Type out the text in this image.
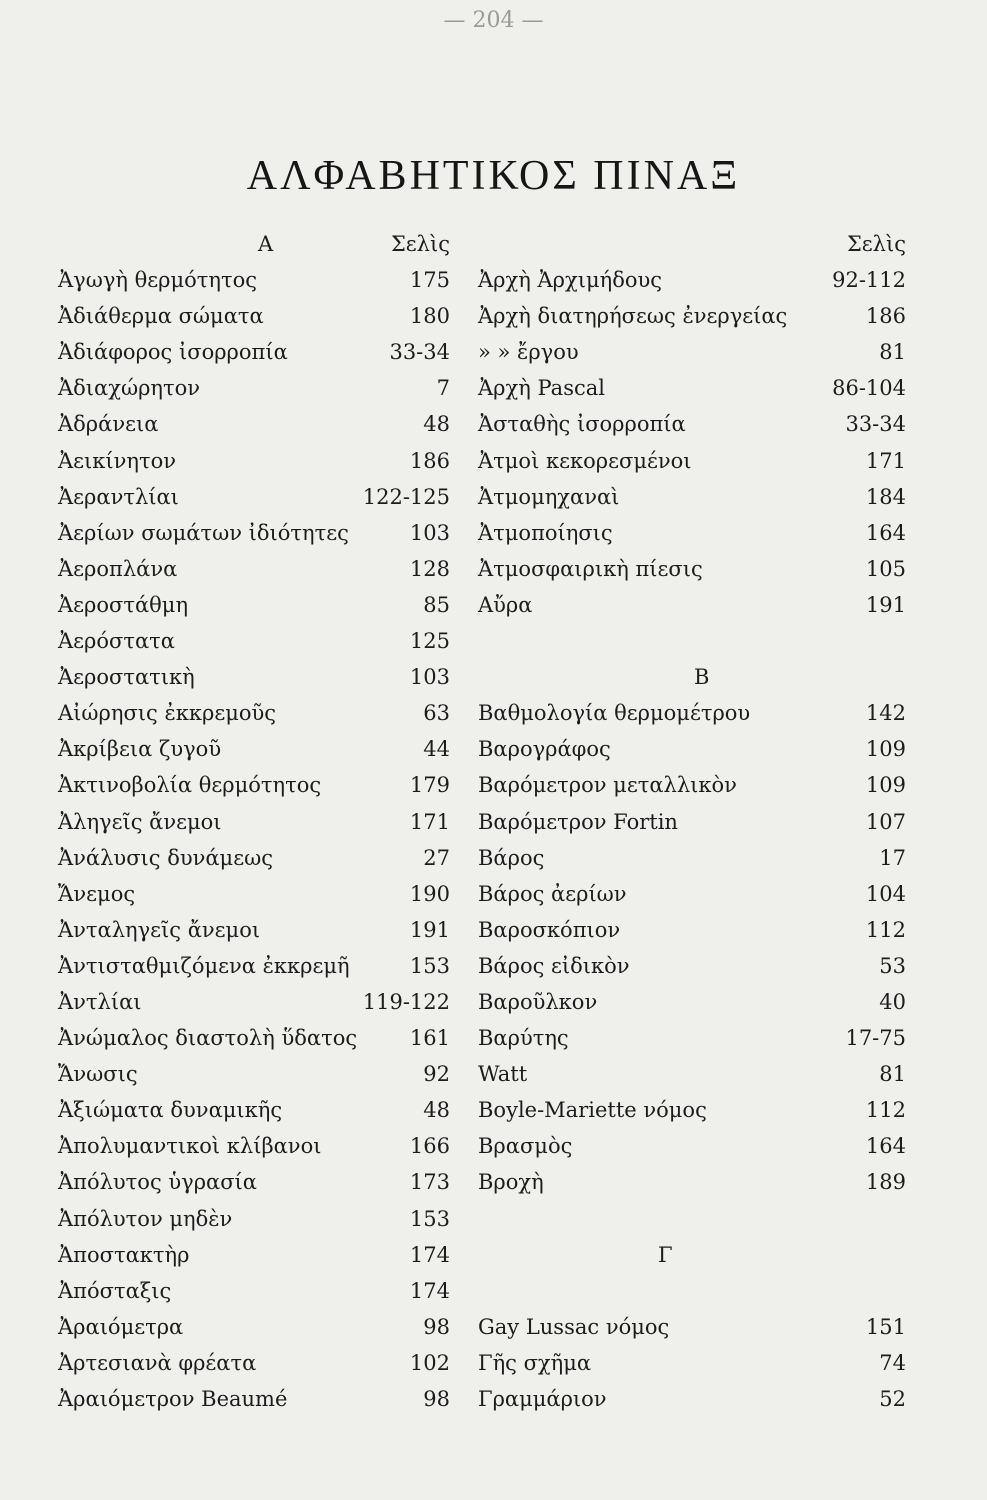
— 204 —
ΑΛΦΑΒΗΤΙΚΟΣ ΠΙΝΑΞ
Α	Σελὶς
Ἀγωγὴ θερμότητος	175
Ἀδιάθερμα σώματα	180
Ἀδιάφορος ἰσορροπία	33-34
Ἀδιαχώρητον	7
Ἀδράνεια	48
Ἀεικίνητον	186
Ἀεραντλίαι	122-125
Ἀερίων σωμάτων ἰδιότητες	103
Ἀεροπλάνα	128
Ἀεροστάθμη	85
Ἀερόστατα	125
Ἀεροστατικὴ	103
Αἰώρησις ἐκκρεμοῦς	63
Ἀκρίβεια ζυγοῦ	44
Ἀκτινοβολία θερμότητος	179
Ἀληγεῖς ἄνεμοι	171
Ἀνάλυσις δυνάμεως	27
Ἄνεμος	190
Ἀνταληγεῖς ἄνεμοι	191
Ἀντισταθμιζόμενα ἐκκρεμῆ	153
Ἀντλίαι	119-122
Ἀνώμαλος διαστολὴ ὕδατος	161
Ἄνωσις	92
Ἀξιώματα δυναμικῆς	48
Ἀπολυμαντικοὶ κλίβανοι	166
Ἀπόλυτος ὑγρασία	173
Ἀπόλυτον μηδὲν	153
Ἀποστακτὴρ	174
Ἀπόσταξις	174
Ἀραιόμετρα	98
Ἀρτεσιανὰ φρέατα	102
Ἀραιόμετρον Beaumé	98
Σελὶς
Ἀρχὴ Ἀρχιμήδους	92-112
Ἀρχὴ διατηρήσεως ἐνεργείας	186
» » ἔργου	81
Ἀρχὴ Pascal	86-104
Ἀσταθὴς ἰσορροπία	33-34
Ἀτμοὶ κεκορεσμένοι	171
Ἀτμομηχαναὶ	184
Ἀτμοποίησις	164
Ἀτμοσφαιρικὴ πίεσις	105
Αὔρα	191
Β
Βαθμολογία θερμομέτρου	142
Βαρογράφος	109
Βαρόμετρον μεταλλικὸν	109
Βαρόμετρον Fortin	107
Βάρος	17
Βάρος ἀερίων	104
Βαροσκόπιον	112
Βάρος εἰδικὸν	53
Βαροῦλκον	40
Βαρύτης	17-75
Watt	81
Boyle-Mariette νόμος	112
Βρασμὸς	164
Βροχὴ	189
Γ
Gay Lussac νόμος	151
Γῆς σχῆμα	74
Γραμμάριον	52
